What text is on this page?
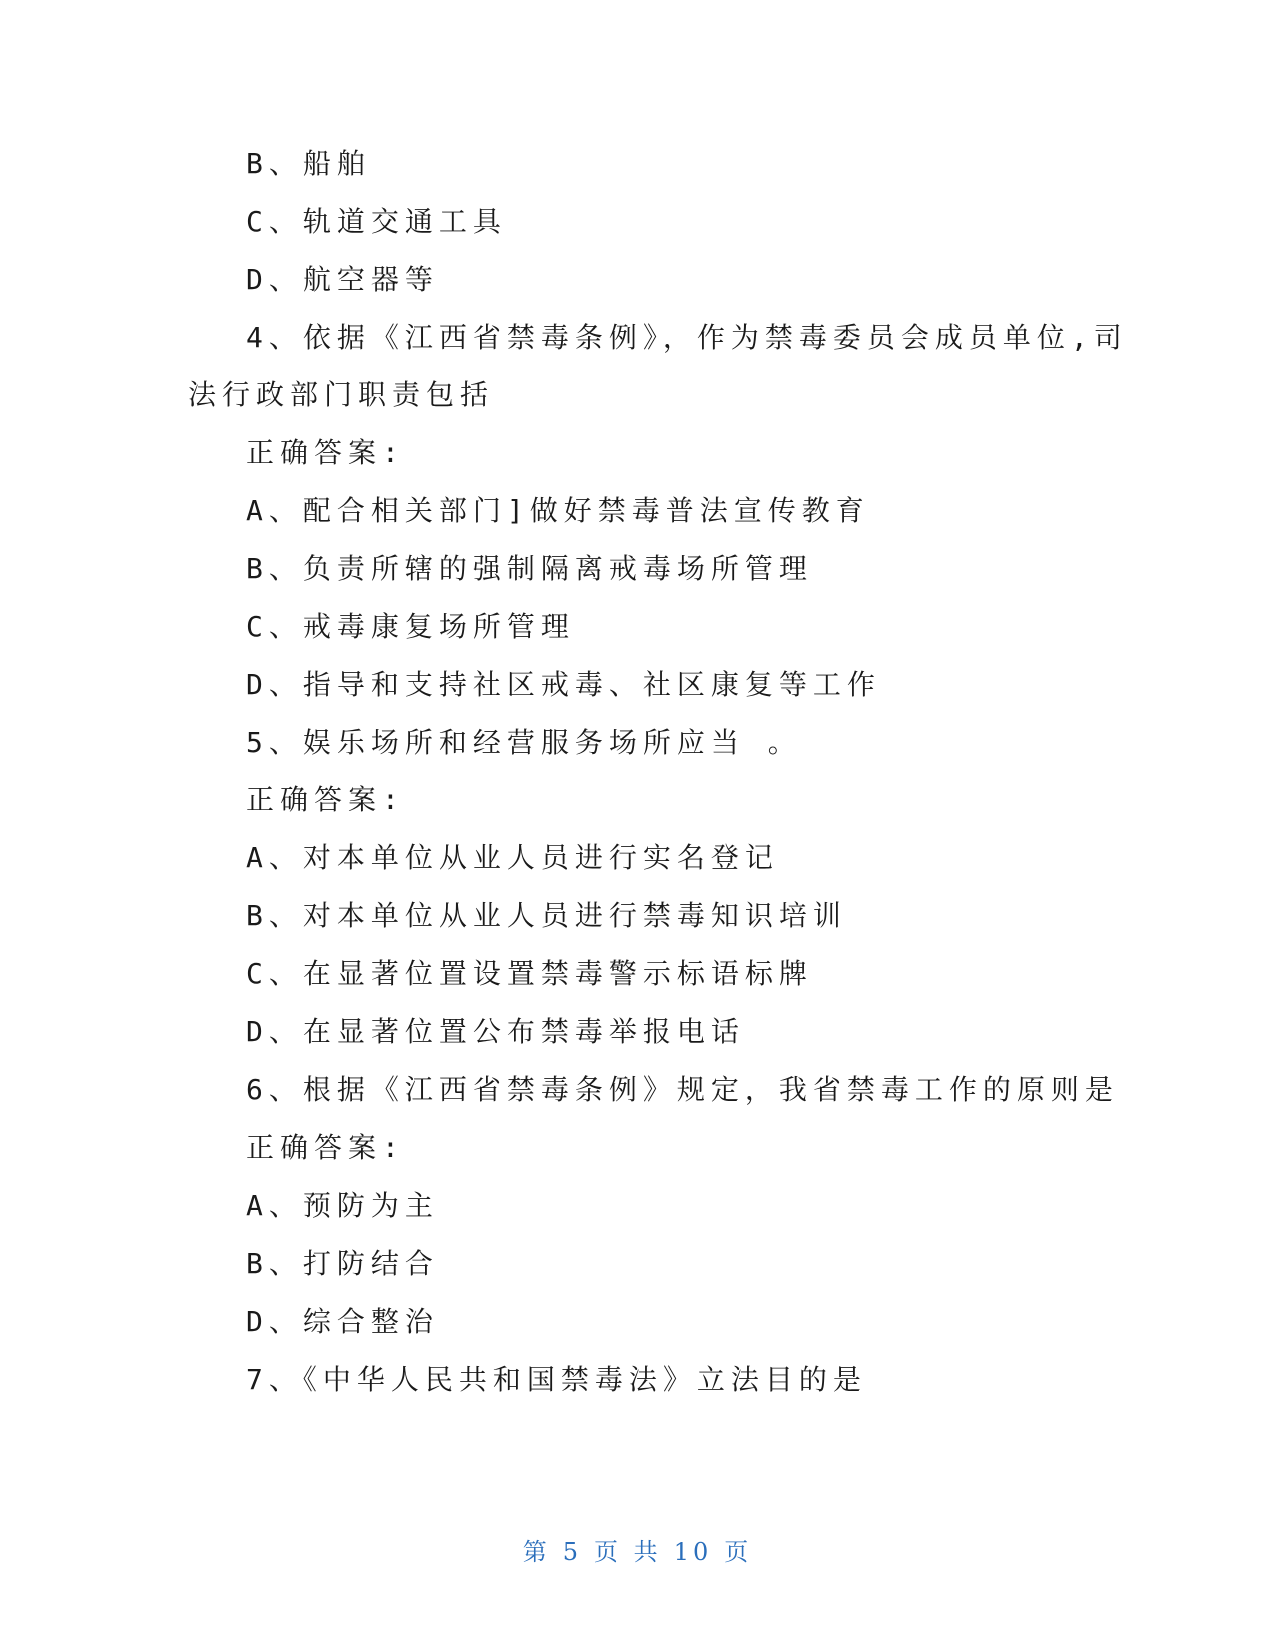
B、船舶
C、轨道交通工具
D、航空器等
4、依据《江西省禁毒条例》，作为禁毒委员会成员单位,司
法行政部门职责包括
正确答案:
A、配合相关部门]做好禁毒普法宣传教育
B、负责所辖的强制隔离戒毒场所管理
C、戒毒康复场所管理
D、指导和支持社区戒毒、社区康复等工作
5、娱乐场所和经营服务场所应当 。
正确答案:
A、对本单位从业人员进行实名登记
B、对本单位从业人员进行禁毒知识培训
C、在显著位置设置禁毒警示标语标牌
D、在显著位置公布禁毒举报电话
6、根据《江西省禁毒条例》规定，我省禁毒工作的原则是
正确答案:
A、预防为主
B、打防结合
D、综合整治
7、《中华人民共和国禁毒法》立法目的是
第 5 页 共 10 页
